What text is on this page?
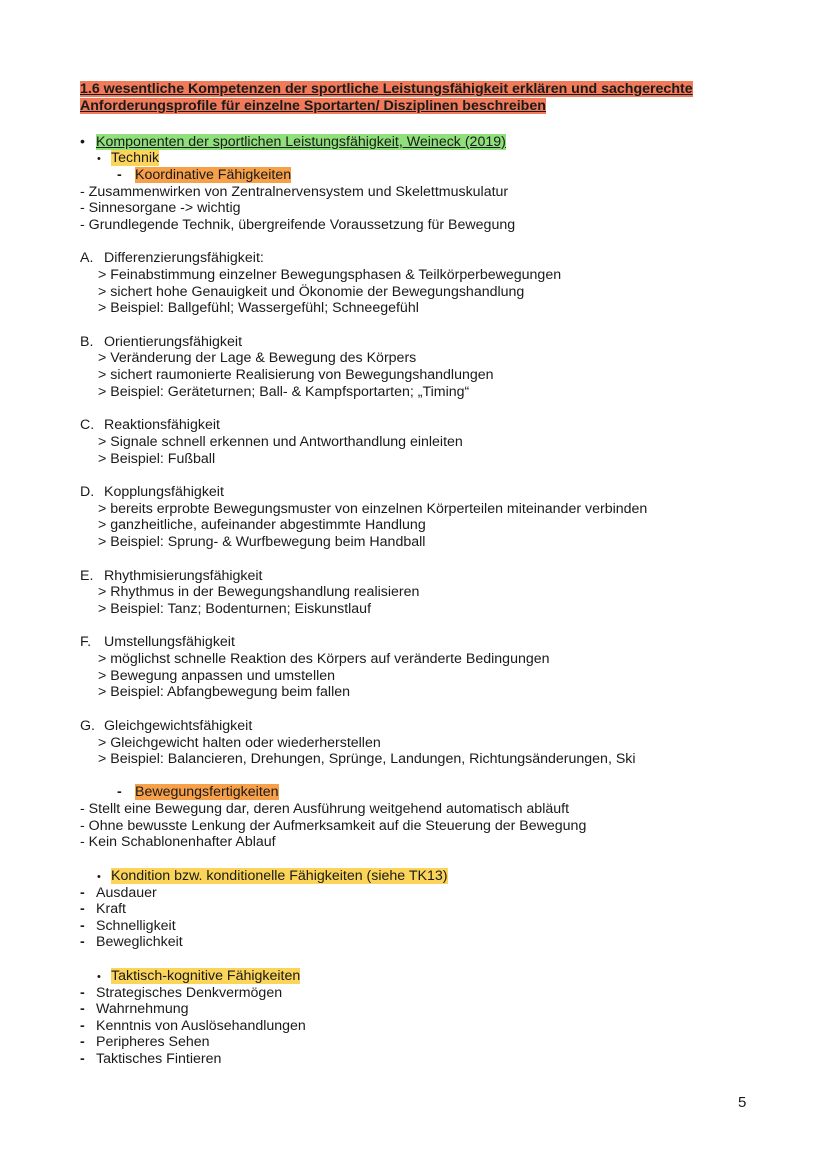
1.6 wesentliche Kompetenzen der sportliche Leistungsfähigkeit erklären und sachgerechte
Anforderungsprofile für einzelne Sportarten/ Disziplinen beschreiben
• Komponenten der sportlichen Leistungsfähigkeit, Weineck (2019)
• Technik
- Koordinative Fähigkeiten
- Zusammenwirken von Zentralnervensystem und Skelettmuskulatur
- Sinnesorgane -> wichtig
- Grundlegende Technik, übergreifende Voraussetzung für Bewegung
A. Differenzierungsfähigkeit:
> Feinabstimmung einzelner Bewegungsphasen & Teilkörperbewegungen
> sichert hohe Genauigkeit und Ökonomie der Bewegungshandlung
> Beispiel: Ballgefühl; Wassergefühl; Schneegefühl
B. Orientierungsfähigkeit
> Veränderung der Lage & Bewegung des Körpers
> sichert raumonierte Realisierung von Bewegungshandlungen
> Beispiel: Geräteturnen; Ball- & Kampfsportarten; „Timing“
C. Reaktionsfähigkeit
> Signale schnell erkennen und Antworthandlung einleiten
> Beispiel: Fußball
D. Kopplungsfähigkeit
> bereits erprobte Bewegungsmuster von einzelnen Körperteilen miteinander verbinden
> ganzheitliche, aufeinander abgestimmte Handlung
> Beispiel: Sprung- & Wurfbewegung beim Handball
E. Rhythmisierungsfähigkeit
> Rhythmus in der Bewegungshandlung realisieren
> Beispiel: Tanz; Bodenturnen; Eiskunstlauf
F. Umstellungsfähigkeit
> möglichst schnelle Reaktion des Körpers auf veränderte Bedingungen
> Bewegung anpassen und umstellen
> Beispiel: Abfangbewegung beim fallen
G. Gleichgewichtsfähigkeit
> Gleichgewicht halten oder wiederherstellen
> Beispiel: Balancieren, Drehungen, Sprünge, Landungen, Richtungsänderungen, Ski
- Bewegungsfertigkeiten
- Stellt eine Bewegung dar, deren Ausführung weitgehend automatisch abläuft
- Ohne bewusste Lenkung der Aufmerksamkeit auf die Steuerung der Bewegung
- Kein Schablonenhafter Ablauf
• Kondition bzw. konditionelle Fähigkeiten (siehe TK13)
- Ausdauer
- Kraft
- Schnelligkeit
- Beweglichkeit
• Taktisch-kognitive Fähigkeiten
- Strategisches Denkvermögen
- Wahrnehmung
- Kenntnis von Auslösehandlungen
- Peripheres Sehen
- Taktisches Fintieren
5
